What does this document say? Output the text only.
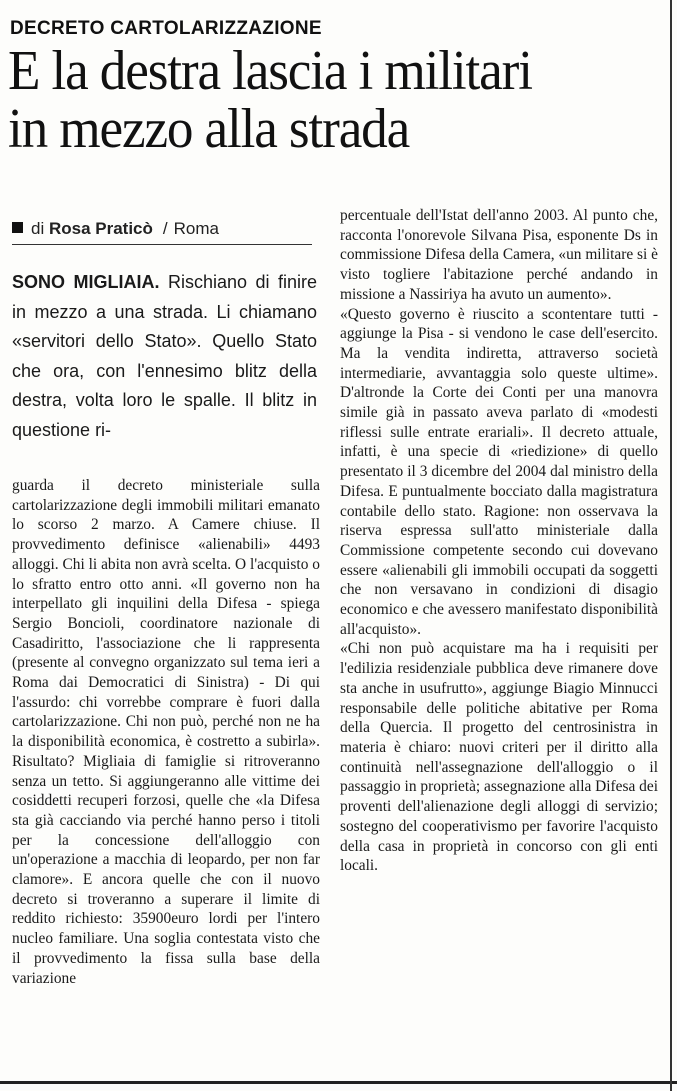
DECRETO CARTOLARIZZAZIONE
E la destra lascia i militari
in mezzo alla strada
di Rosa Praticò / Roma
SONO MIGLIAIA. Rischiano di finire in mezzo a una strada. Li chiamano «servitori dello Stato». Quello Stato che ora, con l'ennesimo blitz della destra, volta loro le spalle. Il blitz in questione ri-

guarda il decreto ministeriale sulla cartolarizzazione degli immobili militari emanato lo scorso 2 marzo. A Camere chiuse. Il provvedimento definisce «alienabili» 4493 alloggi. Chi li abita non avrà scelta. O l'acquisto o lo sfratto entro otto anni. «Il governo non ha interpellato gli inquilini della Difesa - spiega Sergio Boncioli, coordinatore nazionale di Casadiritto, l'associazione che li rappresenta (presente al convegno organizzato sul tema ieri a Roma dai Democratici di Sinistra) - Di qui l'assurdo: chi vorrebbe comprare è fuori dalla cartolarizzazione. Chi non può, perché non ne ha la disponibilità economica, è costretto a subirla». Risultato? Migliaia di famiglie si ritroveranno senza un tetto. Si aggiungeranno alle vittime dei cosiddetti recuperi forzosi, quelle che «la Difesa sta già cacciando via perché hanno perso i titoli per la concessione dell'alloggio con un'operazione a macchia di leopardo, per non far clamore». E ancora quelle che con il nuovo decreto si troveranno a superare il limite di reddito richiesto: 35900euro lordi per l'intero nucleo familiare. Una soglia contestata visto che il provvedimento la fissa sulla base della variazione

percentuale dell'Istat dell'anno 2003. Al punto che, racconta l'onorevole Silvana Pisa, esponente Ds in commissione Difesa della Camera, «un militare si è visto togliere l'abitazione perché andando in missione a Nassiriya ha avuto un aumento».

«Questo governo è riuscito a scontentare tutti - aggiunge la Pisa - si vendono le case dell'esercito. Ma la vendita indiretta, attraverso società intermediarie, avvantaggia solo queste ultime». D'altronde la Corte dei Conti per una manovra simile già in passato aveva parlato di «modesti riflessi sulle entrate erariali». Il decreto attuale, infatti, è una specie di «riedizione» di quello presentato il 3 dicembre del 2004 dal ministro della Difesa. E puntualmente bocciato dalla magistratura contabile dello stato. Ragione: non osservava la riserva espressa sull'atto ministeriale dalla Commissione competente secondo cui dovevano essere «alienabili gli immobili occupati da soggetti che non versavano in condizioni di disagio economico e che avessero manifestato disponibilità all'acquisto».

«Chi non può acquistare ma ha i requisiti per l'edilizia residenziale pubblica deve rimanere dove sta anche in usufrutto», aggiunge Biagio Minnucci responsabile delle politiche abitative per Roma della Quercia. Il progetto del centrosinistra in materia è chiaro: nuovi criteri per il diritto alla continuità nell'assegnazione dell'alloggio o il passaggio in proprietà; assegnazione alla Difesa dei proventi dell'alienazione degli alloggi di servizio; sostegno del cooperativismo per favorire l'acquisto della casa in proprietà in concorso con gli enti locali.
